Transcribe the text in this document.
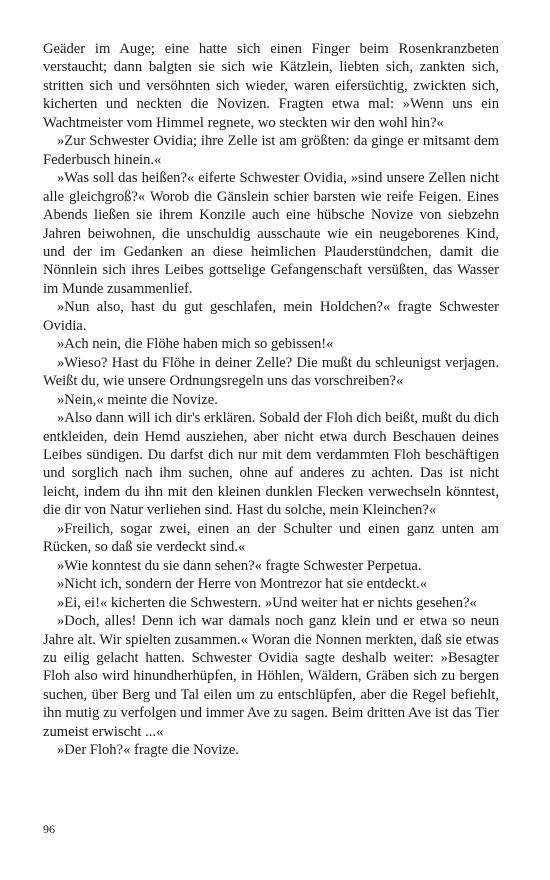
Geäder im Auge; eine hatte sich einen Finger beim Rosenkranzbeten verstaucht; dann balgten sie sich wie Kätzlein, liebten sich, zankten sich, stritten sich und versöhnten sich wieder, waren eifersüchtig, zwickten sich, kicherten und neckten die Novizen. Fragten etwa mal: »Wenn uns ein Wachtmeister vom Himmel regnete, wo steckten wir den wohl hin?«

»Zur Schwester Ovidia; ihre Zelle ist am größten: da ginge er mitsamt dem Federbusch hinein.«

»Was soll das heißen?« eiferte Schwester Ovidia, »sind unsere Zellen nicht alle gleichgroß?« Worob die Gänslein schier barsten wie reife Feigen. Eines Abends ließen sie ihrem Konzile auch eine hübsche Novize von siebzehn Jahren beiwohnen, die unschuldig ausschaute wie ein neugeborenes Kind, und der im Gedanken an diese heimlichen Plauderstündchen, damit die Nönnlein sich ihres Leibes gottselige Gefangenschaft versüßten, das Wasser im Munde zusammenlief.

»Nun also, hast du gut geschlafen, mein Holdchen?« fragte Schwester Ovidia.

»Ach nein, die Flöhe haben mich so gebissen!«

»Wieso? Hast du Flöhe in deiner Zelle? Die mußt du schleunigst verjagen. Weißt du, wie unsere Ordnungsregeln uns das vorschreiben?«

»Nein,« meinte die Novize.

»Also dann will ich dir's erklären. Sobald der Floh dich beißt, mußt du dich entkleiden, dein Hemd ausziehen, aber nicht etwa durch Beschauen deines Leibes sündigen. Du darfst dich nur mit dem verdammten Floh beschäftigen und sorglich nach ihm suchen, ohne auf anderes zu achten. Das ist nicht leicht, indem du ihn mit den kleinen dunklen Flecken verwechseln könntest, die dir von Natur verliehen sind. Hast du solche, mein Kleinchen?«

»Freilich, sogar zwei, einen an der Schulter und einen ganz unten am Rücken, so daß sie verdeckt sind.«

»Wie konntest du sie dann sehen?« fragte Schwester Perpetua.

»Nicht ich, sondern der Herre von Montrezor hat sie entdeckt.«

»Ei, ei!« kicherten die Schwestern. »Und weiter hat er nichts gesehen?«

»Doch, alles! Denn ich war damals noch ganz klein und er etwa so neun Jahre alt. Wir spielten zusammen.« Woran die Nonnen merkten, daß sie etwas zu eilig gelacht hatten. Schwester Ovidia sagte deshalb weiter: »Besagter Floh also wird hinundherhüpfen, in Höhlen, Wäldern, Gräben sich zu bergen suchen, über Berg und Tal eilen um zu entschlüpfen, aber die Regel befiehlt, ihn mutig zu verfolgen und immer Ave zu sagen. Beim dritten Ave ist das Tier zumeist erwischt ...«

»Der Floh?« fragte die Novize.

96
